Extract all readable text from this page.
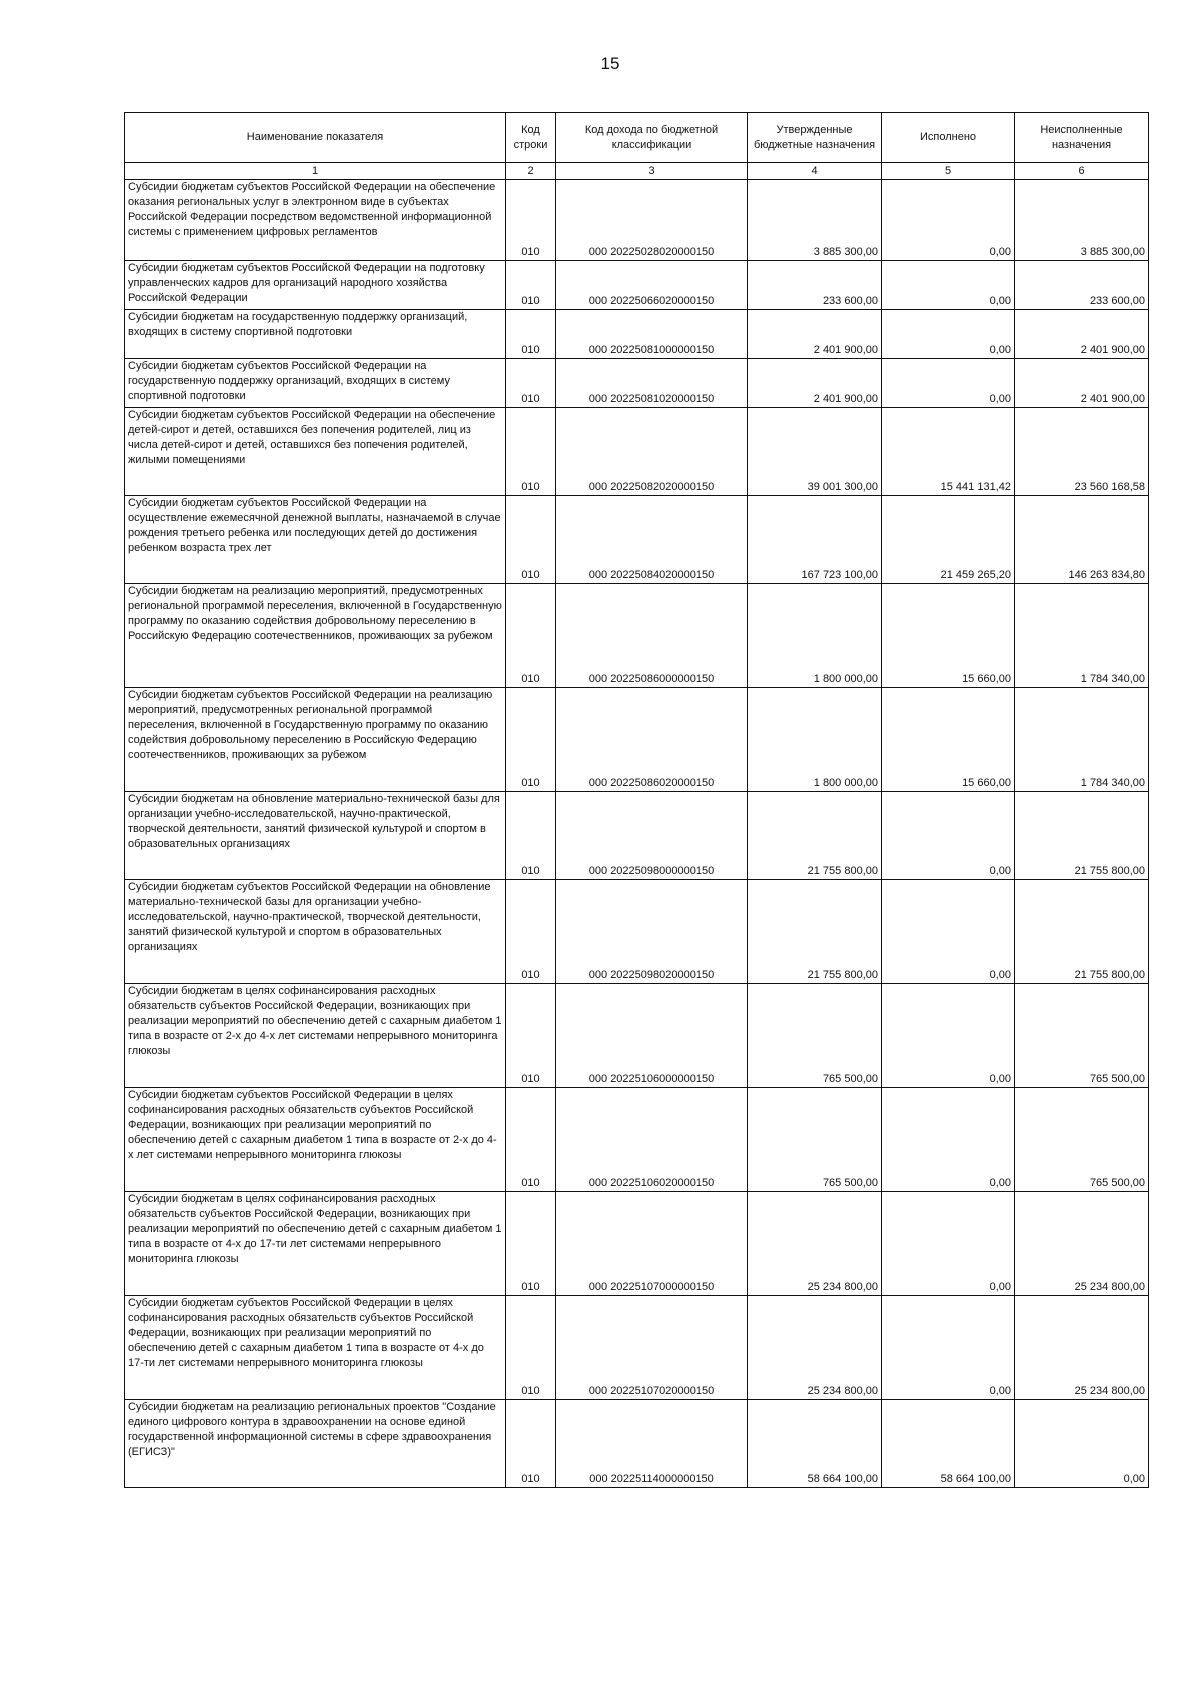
15
Наименование показателя	Код строки	Код дохода по бюджетной классификации	Утвержденные бюджетные назначения	Исполнено	Неисполненные назначения
1	2	3	4	5	6
Субсидии бюджетам субъектов Российской Федерации на обеспечение оказания региональных услуг в электронном виде в субъектах Российской Федерации посредством ведомственной информационной системы с применением цифровых регламентов	010	000 20225028020000150	3 885 300,00	0,00	3 885 300,00
Субсидии бюджетам субъектов Российской Федерации на подготовку управленческих кадров для организаций народного хозяйства Российской Федерации	010	000 20225066020000150	233 600,00	0,00	233 600,00
Субсидии бюджетам на государственную поддержку организаций, входящих в систему спортивной подготовки	010	000 20225081000000150	2 401 900,00	0,00	2 401 900,00
Субсидии бюджетам субъектов Российской Федерации на государственную поддержку организаций, входящих в систему спортивной подготовки	010	000 20225081020000150	2 401 900,00	0,00	2 401 900,00
Субсидии бюджетам субъектов Российской Федерации на обеспечение детей-сирот и детей, оставшихся без попечения родителей, лиц из числа детей-сирот и детей, оставшихся без попечения родителей, жилыми помещениями	010	000 20225082020000150	39 001 300,00	15 441 131,42	23 560 168,58
Субсидии бюджетам субъектов Российской Федерации на осуществление ежемесячной денежной выплаты, назначаемой в случае рождения третьего ребенка или последующих детей до достижения ребенком возраста трех лет	010	000 20225084020000150	167 723 100,00	21 459 265,20	146 263 834,80
Субсидии бюджетам на реализацию мероприятий, предусмотренных региональной программой переселения, включенной в Государственную программу по оказанию содействия добровольному переселению в Российскую Федерацию соотечественников, проживающих за рубежом	010	000 20225086000000150	1 800 000,00	15 660,00	1 784 340,00
Субсидии бюджетам субъектов Российской Федерации на реализацию мероприятий, предусмотренных региональной программой переселения, включенной в Государственную программу по оказанию содействия добровольному переселению в Российскую Федерацию соотечественников, проживающих за рубежом	010	000 20225086020000150	1 800 000,00	15 660,00	1 784 340,00
Субсидии бюджетам на обновление материально-технической базы для организации учебно-исследовательской, научно-практической, творческой деятельности, занятий физической культурой и спортом в образовательных организациях	010	000 20225098000000150	21 755 800,00	0,00	21 755 800,00
Субсидии бюджетам субъектов Российской Федерации на обновление материально-технической базы для организации учебно-исследовательской, научно-практической, творческой деятельности, занятий физической культурой и спортом в образовательных организациях	010	000 20225098020000150	21 755 800,00	0,00	21 755 800,00
Субсидии бюджетам в целях софинансирования расходных обязательств субъектов Российской Федерации, возникающих при реализации мероприятий по обеспечению детей с сахарным диабетом 1 типа в возрасте от 2-х до 4-х лет системами непрерывного мониторинга глюкозы	010	000 20225106000000150	765 500,00	0,00	765 500,00
Субсидии бюджетам субъектов Российской Федерации в целях софинансирования расходных обязательств субъектов Российской Федерации, возникающих при реализации мероприятий по обеспечению детей с сахарным диабетом 1 типа в возрасте от 2-х до 4-х лет системами непрерывного мониторинга глюкозы	010	000 20225106020000150	765 500,00	0,00	765 500,00
Субсидии бюджетам в целях софинансирования расходных обязательств субъектов Российской Федерации, возникающих при реализации мероприятий по обеспечению детей с сахарным диабетом 1 типа в возрасте от 4-х до 17-ти лет системами непрерывного мониторинга глюкозы	010	000 20225107000000150	25 234 800,00	0,00	25 234 800,00
Субсидии бюджетам субъектов Российской Федерации в целях софинансирования расходных обязательств субъектов Российской Федерации, возникающих при реализации мероприятий по обеспечению детей с сахарным диабетом 1 типа в возрасте от 4-х до 17-ти лет системами непрерывного мониторинга глюкозы	010	000 20225107020000150	25 234 800,00	0,00	25 234 800,00
Субсидии бюджетам на реализацию региональных проектов "Создание единого цифрового контура в здравоохранении на основе единой государственной информационной системы в сфере здравоохранения (ЕГИСЗ)"	010	000 20225114000000150	58 664 100,00	58 664 100,00	0,00
